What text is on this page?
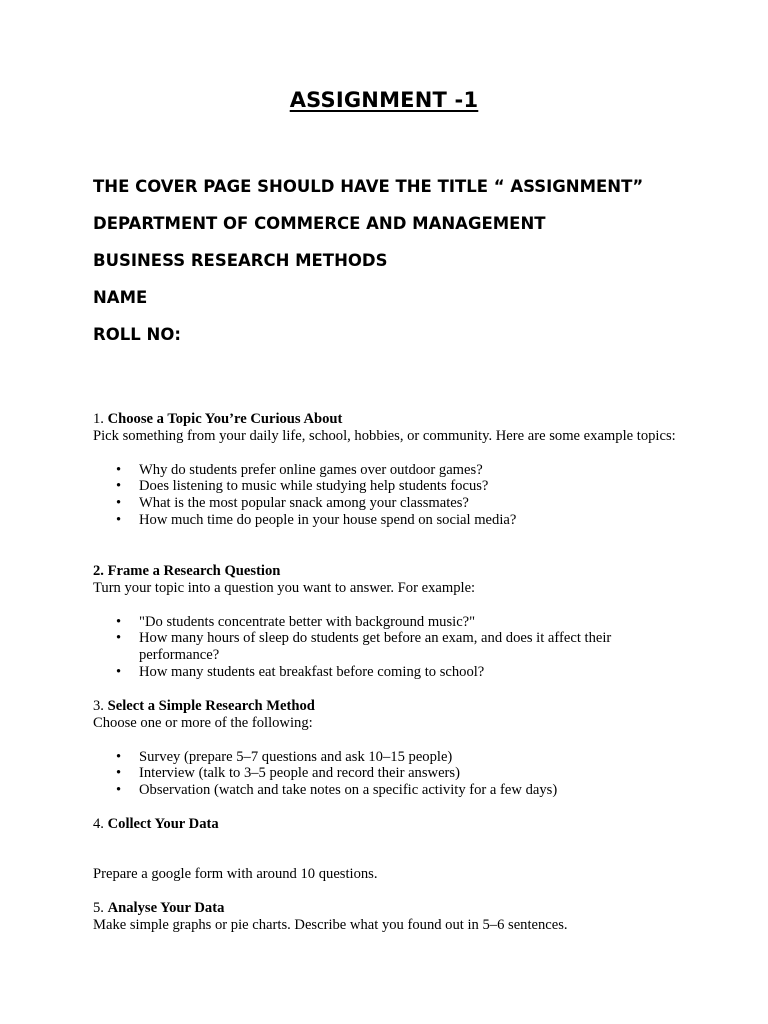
ASSIGNMENT -1
THE COVER PAGE SHOULD HAVE THE TITLE “ ASSIGNMENT”
DEPARTMENT OF COMMERCE AND MANAGEMENT
BUSINESS RESEARCH METHODS
NAME
ROLL NO:
1. Choose a Topic You’re Curious About

Pick something from your daily life, school, hobbies, or community. Here are some example topics:

• Why do students prefer online games over outdoor games?
• Does listening to music while studying help students focus?
• What is the most popular snack among your classmates?
• How much time do people in your house spend on social media?
2. Frame a Research Question

Turn your topic into a question you want to answer. For example:

• "Do students concentrate better with background music?"
• How many hours of sleep do students get before an exam, and does it affect their performance?
• How many students eat breakfast before coming to school?
3. Select a Simple Research Method

Choose one or more of the following:

• Survey (prepare 5–7 questions and ask 10–15 people)
• Interview (talk to 3–5 people and record their answers)
• Observation (watch and take notes on a specific activity for a few days)
4. Collect Your Data

Prepare a google form with around 10 questions.

5. Analyse Your Data

Make simple graphs or pie charts. Describe what you found out in 5–6 sentences.
